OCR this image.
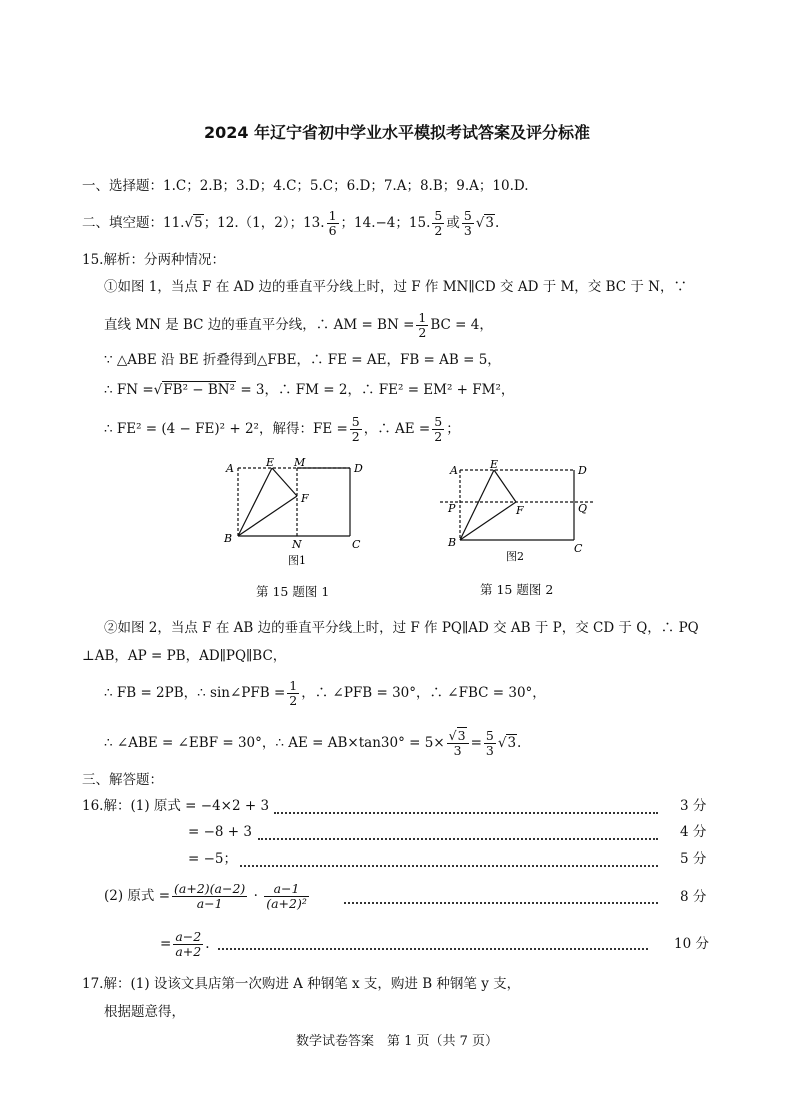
2024 年辽宁省初中学业水平模拟考试答案及评分标准
一、选择题：1.C；2.B；3.D；4.C；5.C；6.D；7.A；8.B；9.A；10.D.
二、填空题：11.√5；12.（1，2）；13. $\frac{1}{6}$ ；14.−4；15. $\frac{5}{2}$ 或 $\frac{5}{3} √3$.
15.解析：分两种情况：
①如图 1，当点 F 在 AD 边的垂直平分线上时，过 F 作 MN∥CD 交 AD 于 M，交 BC 于 N，∵
直线 MN 是 BC 边的垂直平分线，∴ AM = BN = $\frac{1}{2}$ BC = 4，
∵ △ABE 沿 BE 折叠得到△FBE，∴ FE = AE，FB = AB = 5，
∴ FN =√FB² − BN² = 3，∴ FM = 2，∴ FE² = EM² + FM²，
∴ FE² = (4 − FE)² + 2²，解得：FE = $\frac{5}{2}$ ，∴ AE = $\frac{5}{2}$ ；
A	E M	D
F
B	N	C
图1
第 15 题图 1
A	E	D
P	F	Q
B	C
图2
第 15 题图 2
②如图 2，当点 F 在 AB 边的垂直平分线上时，过 F 作 PQ∥AD 交 AB 于 P，交 CD 于 Q，∴ PQ
⊥AB，AP = PB，AD∥PQ∥BC，
∴ FB = 2PB，∴ sin∠PFB = $\frac{1}{2}$ ，∴ ∠PFB = 30°，∴ ∠FBC = 30°，
∴ ∠ABE = ∠EBF = 30°，∴ AE = $AB\times\tan 30^\circ = 5\times \frac{√3}{3} = \frac{5}{3} √3$.
三、解答题：
16.解：(1) 原式 = −4×2 + 3	3 分
= −8 + 3	4 分
= −5；	5 分
(2) 原式 = $\frac{(a+2)(a-2)}{a-1} \cdot \frac{a-1}{\text{(a+2)²}}$	8 分
= $\frac{a-2}{a+2}$ .	10 分
17.解：(1) 设该文具店第一次购进 A 种钢笔 x 支，购进 B 种钢笔 y 支，
根据题意得，
数学试卷答案　第 1 页（共 7 页）
